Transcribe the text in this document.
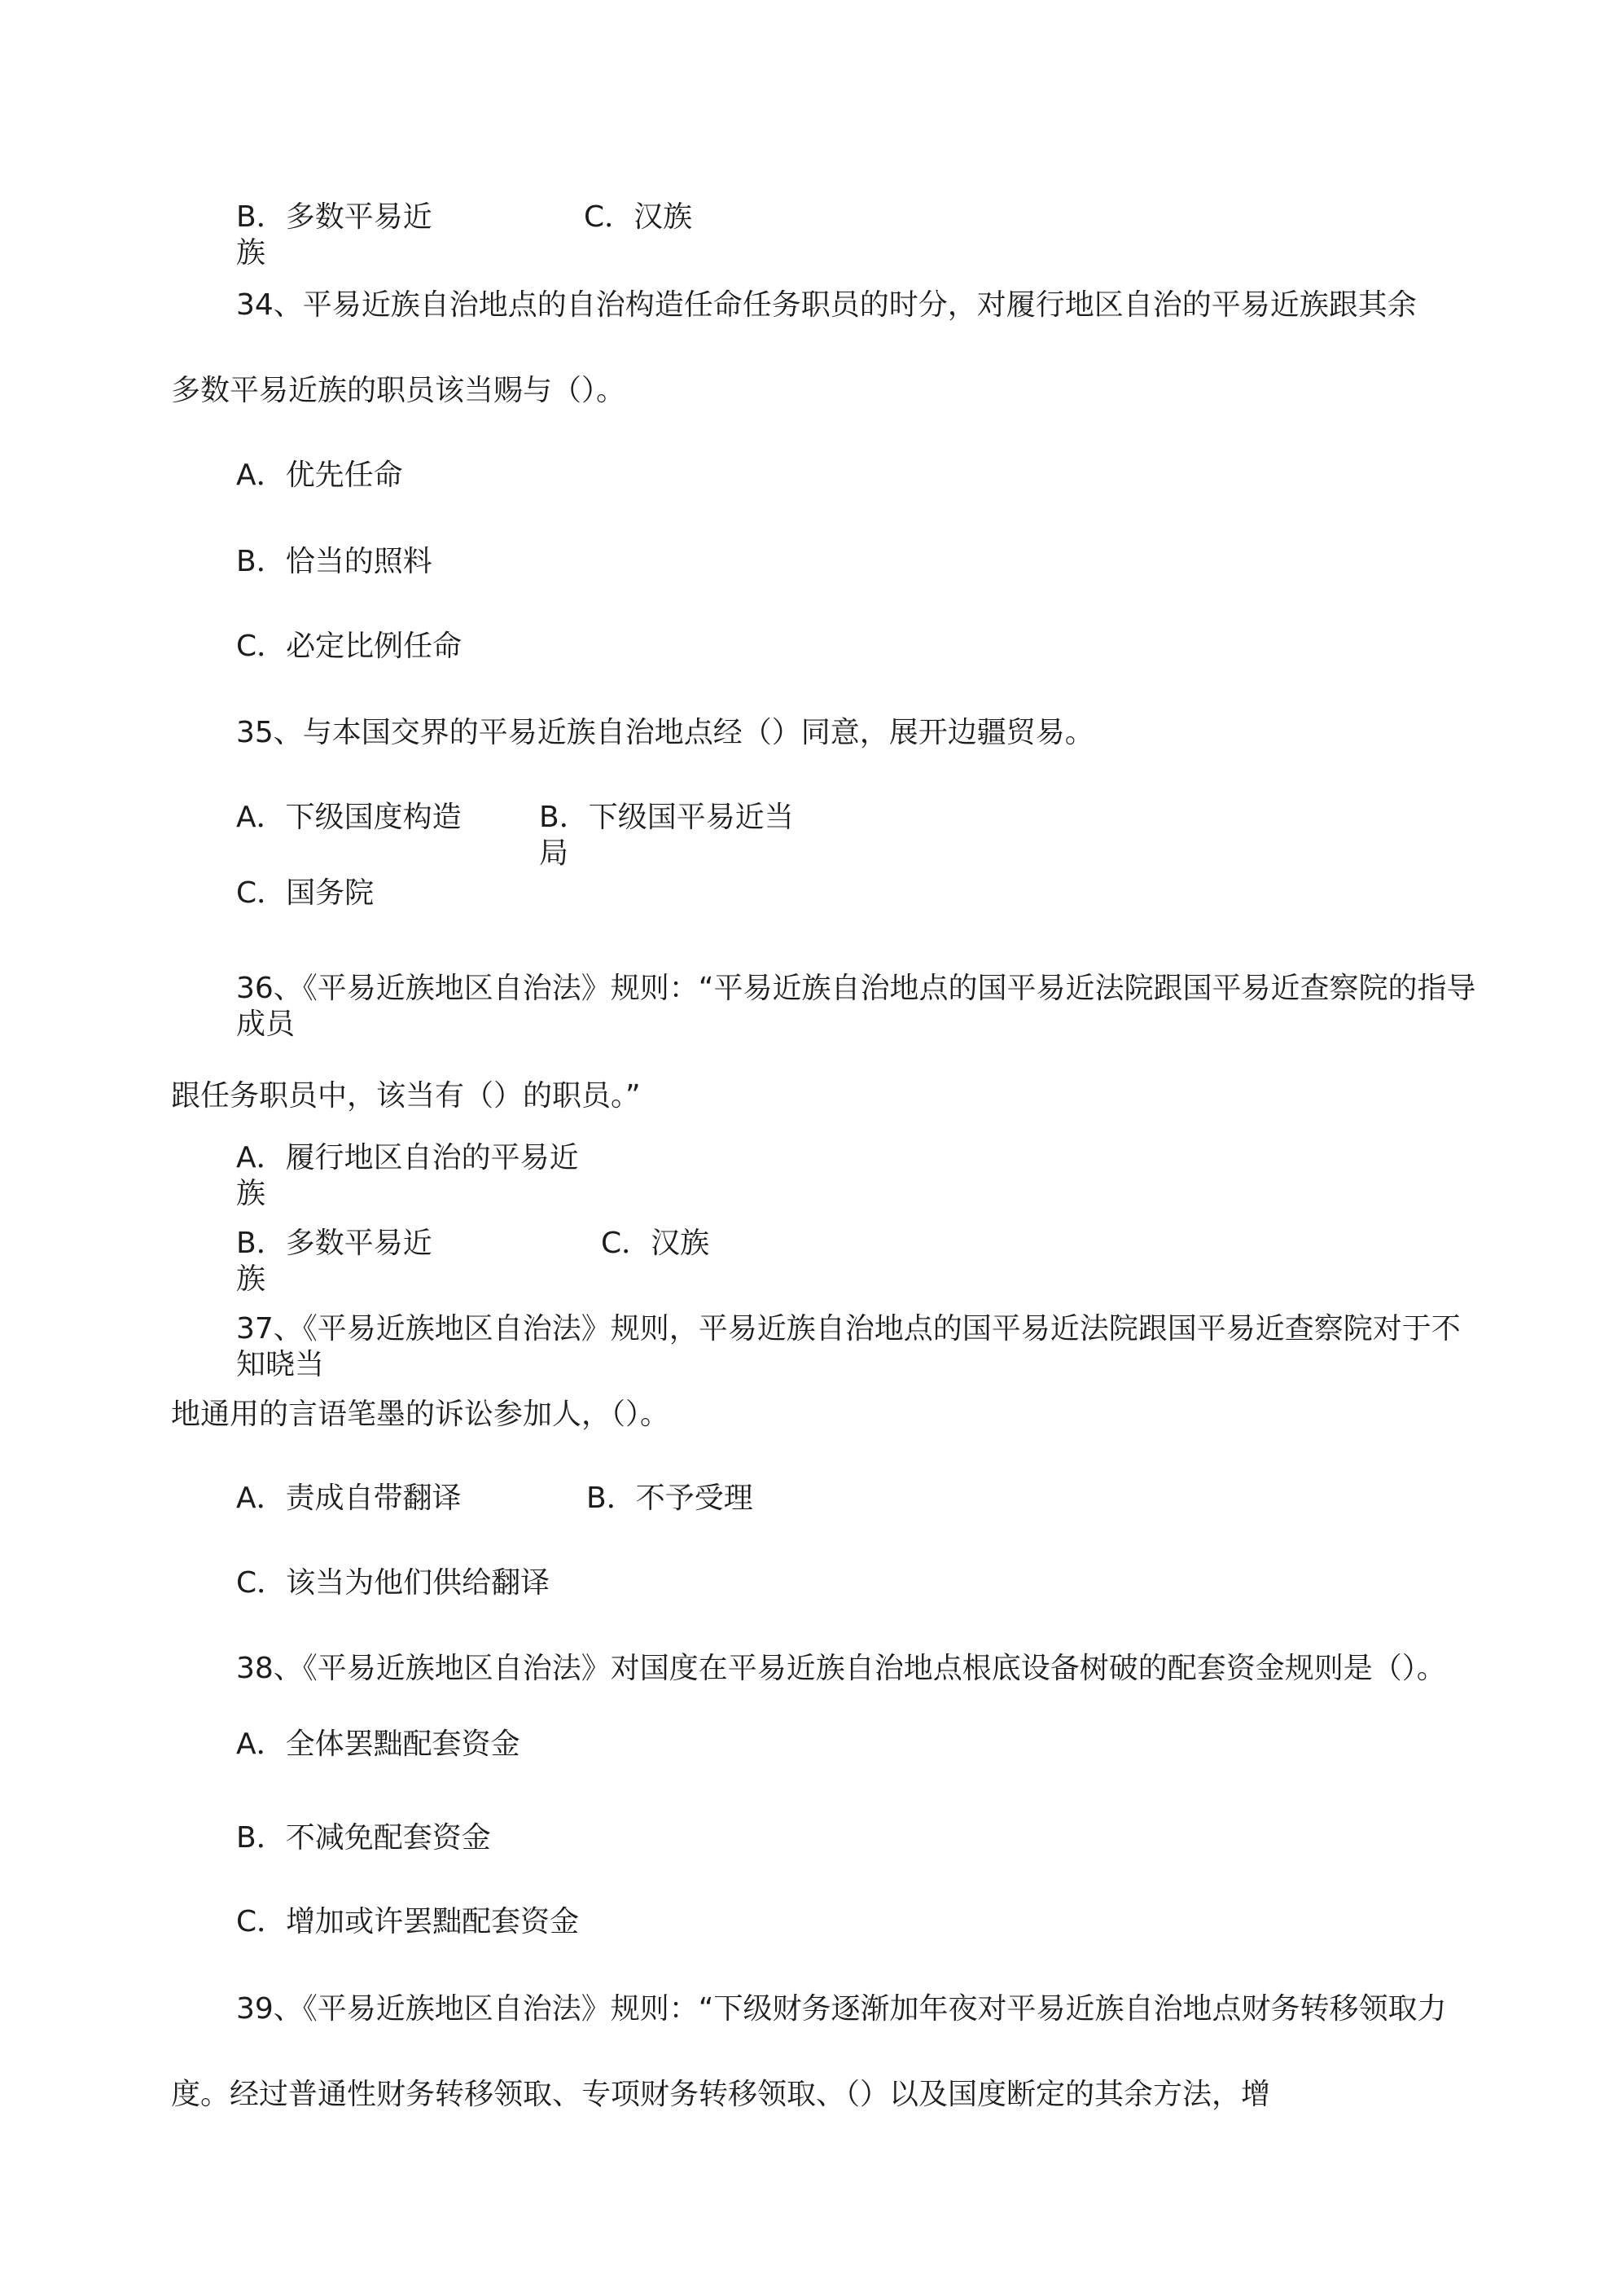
B．多数平易近

族

C．汉族

34、平易近族自治地点的自治构造任命任务职员的时分，对履行地区自治的平易近族跟其余

多数平易近族的职员该当赐与（）。

A．优先任命

B．恰当的照料

C．必定比例任命

35、与本国交界的平易近族自治地点经（）同意，展开边疆贸易。

A．下级国度构造	B．下级国平易近当

局

C．国务院

36、《平易近族地区自治法》规则：“平易近族自治地点的国平易近法院跟国平易近查察院的指导

成员

跟任务职员中，该当有（）的职员。”

A．履行地区自治的平易近

族

B．多数平易近

族

C．汉族

37、《平易近族地区自治法》规则，平易近族自治地点的国平易近法院跟国平易近查察院对于不

知晓当

地通用的言语笔墨的诉讼参加人，（）。

A．责成自带翻译	B．不予受理

C．该当为他们供给翻译

38、《平易近族地区自治法》对国度在平易近族自治地点根底设备树破的配套资金规则是（）。

A．全体罢黜配套资金

B．不减免配套资金

C．增加或许罢黜配套资金

39、《平易近族地区自治法》规则：“下级财务逐渐加年夜对平易近族自治地点财务转移领取力

度。经过普通性财务转移领取、专项财务转移领取、（）以及国度断定的其余方法，增
